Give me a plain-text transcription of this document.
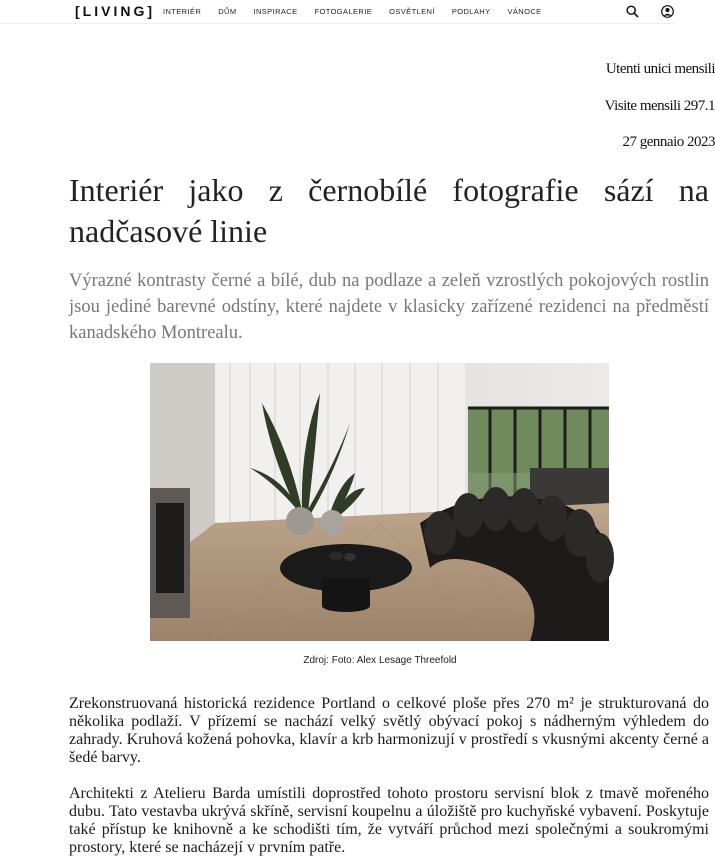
[LIVING] INTERIÉR DŮM INSPIRACE FOTOGALERIE OSVĚTLENÍ PODLAHY VÁNOCE
Utenti unici mensili
Visite mensili 297.1
27 gennaio 2023
Interiér jako z černobílé fotografie sází na nadčasové linie

Výrazné kontrasty černé a bílé, dub na podlaze a zeleň vzrostlých pokojových rostlin jsou jediné barevné odstíny, které najdete v klasicky zařízené rezidenci na předměstí kanadského Montrealu.

Zdroj: Foto: Alex Lesage Threefold

Zrekonstruovaná historická rezidence Portland o celkové ploše přes 270 m² je strukturovaná do několika podlaží. V přízemí se nachází velký světlý obývací pokoj s nádherným výhledem do zahrady. Kruhová kožená pohovka, klavír a krb harmonizují v prostředí s vkusnými akcenty černé a šedé barvy.

Architekti z Atelieru Barda umístili doprostřed tohoto prostoru servisní blok z tmavě mořeného dubu. Tato vestavba ukrývá skříně, servisní koupelnu a úložiště pro kuchyňské vybavení. Poskytuje také přístup ke knihovně a ke schodišti tím, že vytváří průchod mezi společnými a soukromými prostory, které se nacházejí v prvním patře.
